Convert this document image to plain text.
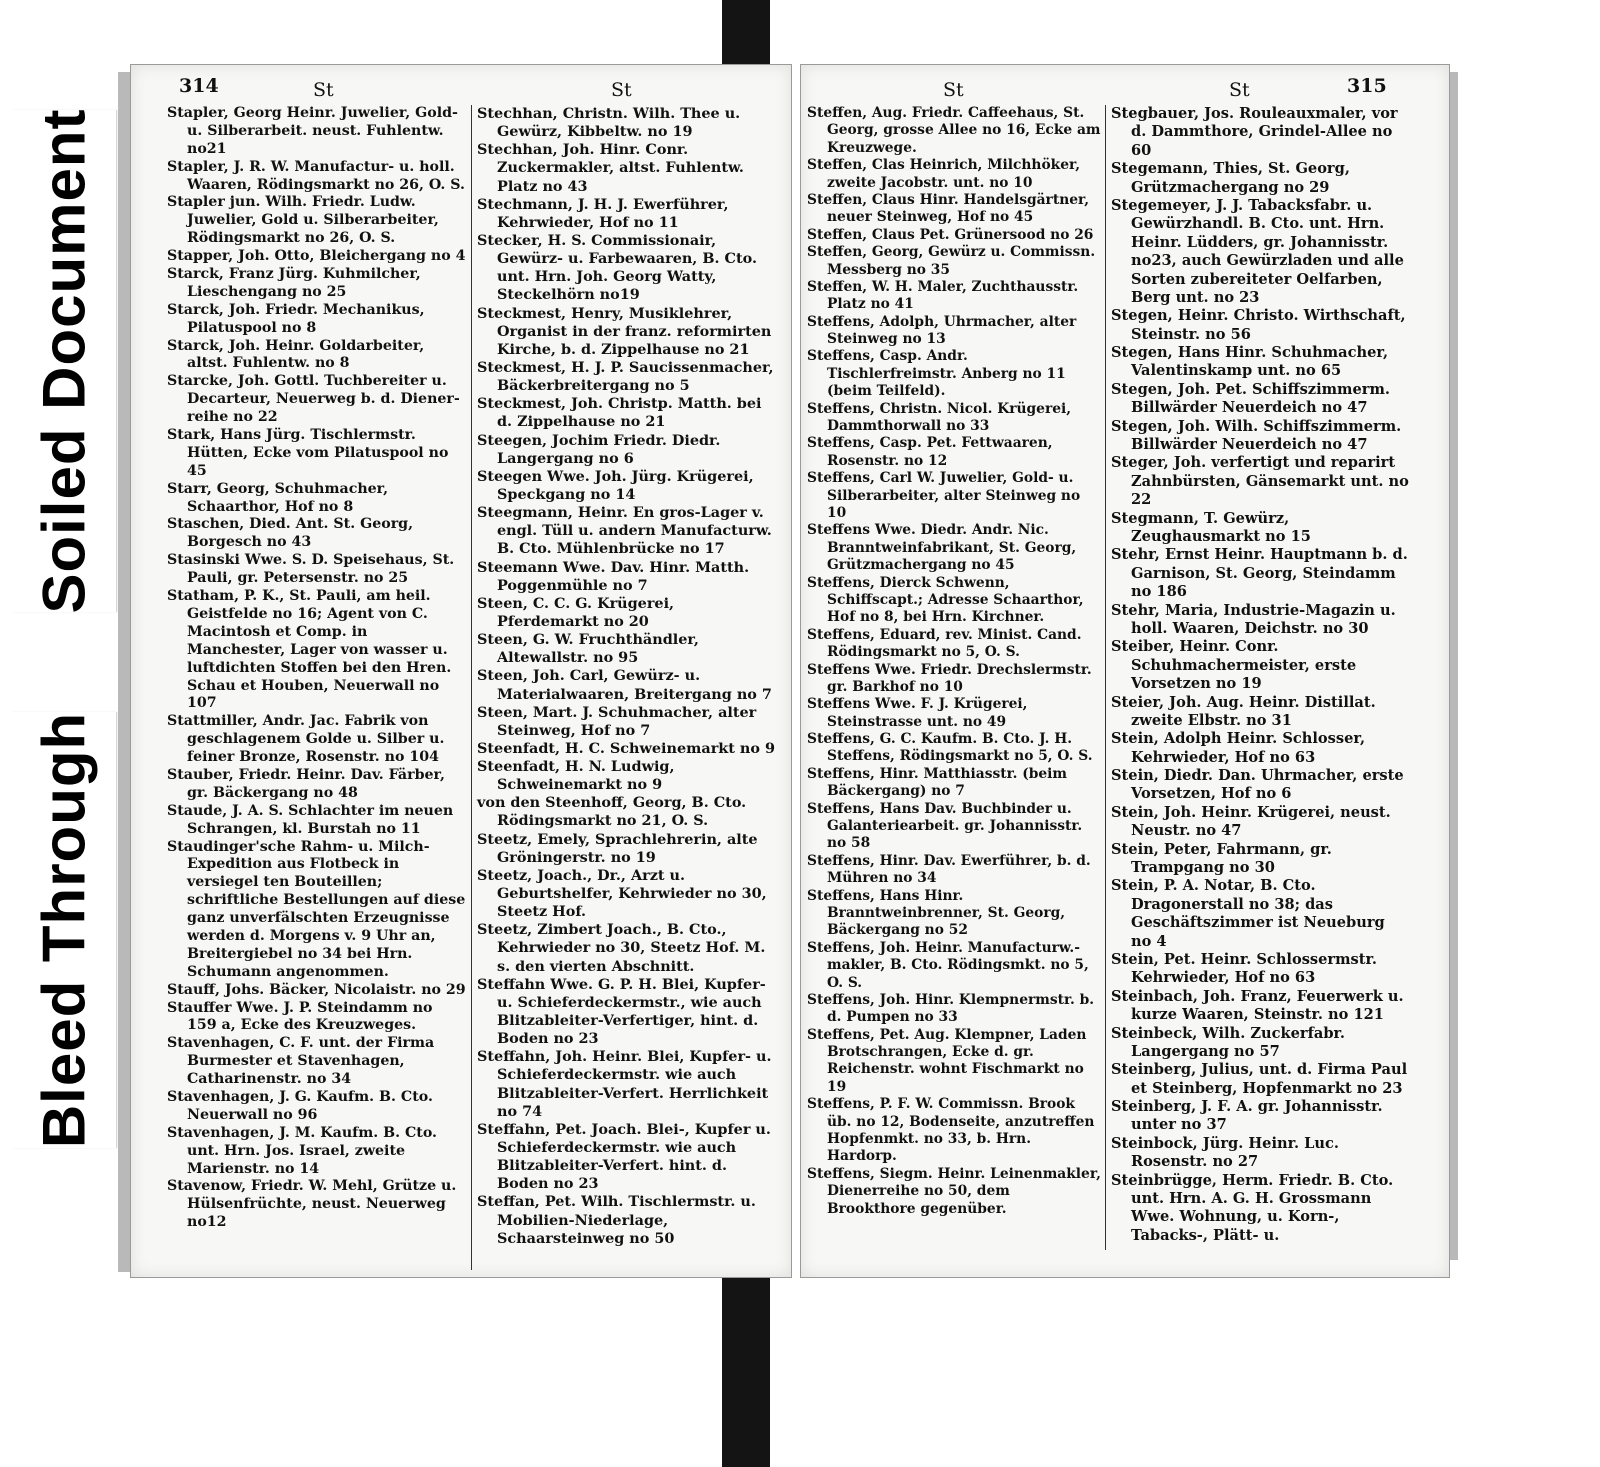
Soiled Document
Bleed Through
314	St	St

Stapler, Georg Heinr. Juwelier, Gold- u. Silberarbeit. neust. Fuhlentw. no21

Stapler, J. R. W. Manufactur- u. holl. Waaren, Rödingsmarkt no 26, O. S.

Stapler jun. Wilh. Friedr. Ludw. Juwelier, Gold u. Silberarbeiter, Rödingsmarkt no 26, O. S.

Stapper, Joh. Otto, Bleichergang no 4

Starck, Franz Jürg. Kuhmilcher, Lieschengang no 25

Starck, Joh. Friedr. Mechanikus, Pilatuspool no 8

Starck, Joh. Heinr. Goldarbeiter, altst. Fuhlentw. no 8

Starcke, Joh. Gottl. Tuchbereiter u. Decarteur, Neuerweg b. d. Diener-reihe no 22

Stark, Hans Jürg. Tischlermstr. Hütten, Ecke vom Pilatuspool no 45

Starr, Georg, Schuhmacher, Schaarthor, Hof no 8

Staschen, Died. Ant. St. Georg, Borgesch no 43

Stasinski Wwe. S. D. Speisehaus, St. Pauli, gr. Petersenstr. no 25

Statham, P. K., St. Pauli, am heil. Geistfelde no 16; Agent von C. Macintosh et Comp. in Manchester, Lager von wasser u. luftdichten Stoffen bei den Hren. Schau et Houben, Neuerwall no 107

Stattmiller, Andr. Jac. Fabrik von geschlagenem Golde u. Silber u. feiner Bronze, Rosenstr. no 104

Stauber, Friedr. Heinr. Dav. Färber, gr. Bäckergang no 48

Staude, J. A. S. Schlachter im neuen Schrangen, kl. Burstah no 11

Staudinger'sche Rahm- u. Milch-Expedition aus Flotbeck in versiegel ten Bouteillen; schriftliche Bestellungen auf diese ganz unverfälschten Erzeugnisse werden d. Morgens v. 9 Uhr an, Breitergiebel no 34 bei Hrn. Schumann angenommen.

Stauff, Johs. Bäcker, Nicolaistr. no 29

Stauffer Wwe. J. P. Steindamm no 159 a, Ecke des Kreuzweges.

Stavenhagen, C. F. unt. der Firma Burmester et Stavenhagen, Catharinenstr. no 34

Stavenhagen, J. G. Kaufm. B. Cto. Neuerwall no 96

Stavenhagen, J. M. Kaufm. B. Cto. unt. Hrn. Jos. Israel, zweite Marienstr. no 14

Stavenow, Friedr. W. Mehl, Grütze u. Hülsenfrüchte, neust. Neuerweg no12

Stechhan, Christn. Wilh. Thee u. Gewürz, Kibbeltw. no 19

Stechhan, Joh. Hinr. Conr. Zuckermakler, altst. Fuhlentw. Platz no 43

Stechmann, J. H. J. Ewerführer, Kehrwieder, Hof no 11

Stecker, H. S. Commissionair, Gewürz- u. Farbewaaren, B. Cto. unt. Hrn. Joh. Georg Watty, Steckelhörn no19

Steckmest, Henry, Musiklehrer, Organist in der franz. reformirten Kirche, b. d. Zippelhause no 21

Steckmest, H. J. P. Saucissenmacher, Bäckerbreitergang no 5

Steckmest, Joh. Christp. Matth. bei d. Zippelhause no 21

Steegen, Jochim Friedr. Diedr. Langergang no 6

Steegen Wwe. Joh. Jürg. Krügerei, Speckgang no 14

Steegmann, Heinr. En gros-Lager v. engl. Tüll u. andern Manufacturw. B. Cto. Mühlenbrücke no 17

Steemann Wwe. Dav. Hinr. Matth. Poggenmühle no 7

Steen, C. C. G. Krügerei, Pferdemarkt no 20

Steen, G. W. Fruchthändler, Altewallstr. no 95

Steen, Joh. Carl, Gewürz- u. Materialwaaren, Breitergang no 7

Steen, Mart. J. Schuhmacher, alter Steinweg, Hof no 7

Steenfadt, H. C. Schweinemarkt no 9

Steenfadt, H. N. Ludwig, Schweinemarkt no 9

von den Steenhoff, Georg, B. Cto. Rödingsmarkt no 21, O. S.

Steetz, Emely, Sprachlehrerin, alte Gröningerstr. no 19

Steetz, Joach., Dr., Arzt u. Geburtshelfer, Kehrwieder no 30, Steetz Hof.

Steetz, Zimbert Joach., B. Cto., Kehrwieder no 30, Steetz Hof. M. s. den vierten Abschnitt.

Steffahn Wwe. G. P. H. Blei, Kupfer- u. Schieferdeckermstr., wie auch Blitzableiter-Verfertiger, hint. d. Boden no 23

Steffahn, Joh. Heinr. Blei, Kupfer- u. Schieferdeckermstr. wie auch Blitzableiter-Verfert. Herrlichkeit no 74

Steffahn, Pet. Joach. Blei-, Kupfer u. Schieferdeckermstr. wie auch Blitzableiter-Verfert. hint. d. Boden no 23

Steffan, Pet. Wilh. Tischlermstr. u. Mobilien-Niederlage, Schaarsteinweg no 50

St	St	315

Steffen, Aug. Friedr. Caffeehaus, St. Georg, grosse Allee no 16, Ecke am Kreuzwege.

Steffen, Clas Heinrich, Milchhöker, zweite Jacobstr. unt. no 10

Steffen, Claus Hinr. Handelsgärtner, neuer Steinweg, Hof no 45

Steffen, Claus Pet. Grünersood no 26

Steffen, Georg, Gewürz u. Commissn. Messberg no 35

Steffen, W. H. Maler, Zuchthausstr. Platz no 41

Steffens, Adolph, Uhrmacher, alter Steinweg no 13

Steffens, Casp. Andr. Tischlerfreimstr. Anberg no 11 (beim Teilfeld).

Steffens, Christn. Nicol. Krügerei, Dammthorwall no 33

Steffens, Casp. Pet. Fettwaaren, Rosenstr. no 12

Steffens, Carl W. Juwelier, Gold- u. Silberarbeiter, alter Steinweg no 10

Steffens Wwe. Diedr. Andr. Nic. Branntweinfabrikant, St. Georg, Grützmachergang no 45

Steffens, Dierck Schwenn, Schiffscapt.; Adresse Schaarthor, Hof no 8, bei Hrn. Kirchner.

Steffens, Eduard, rev. Minist. Cand. Rödingsmarkt no 5, O. S.

Steffens Wwe. Friedr. Drechslermstr. gr. Barkhof no 10

Steffens Wwe. F. J. Krügerei, Steinstrasse unt. no 49

Steffens, G. C. Kaufm. B. Cto. J. H. Steffens, Rödingsmarkt no 5, O. S.

Steffens, Hinr. Matthiasstr. (beim Bäckergang) no 7

Steffens, Hans Dav. Buchbinder u. Galanteriearbeit. gr. Johannisstr. no 58

Steffens, Hinr. Dav. Ewerführer, b. d. Mühren no 34

Steffens, Hans Hinr. Branntweinbrenner, St. Georg, Bäckergang no 52

Steffens, Joh. Heinr. Manufacturw.-makler, B. Cto. Rödingsmkt. no 5, O. S.

Steffens, Joh. Hinr. Klempnermstr. b. d. Pumpen no 33

Steffens, Pet. Aug. Klempner, Laden Brotschrangen, Ecke d. gr. Reichenstr. wohnt Fischmarkt no 19

Steffens, P. F. W. Commissn. Brook üb. no 12, Bodenseite, anzutreffen Hopfenmkt. no 33, b. Hrn. Hardorp.

Steffens, Siegm. Heinr. Leinenmakler, Dienerreihe no 50, dem Brookthore gegenüber.

Stegbauer, Jos. Rouleauxmaler, vor d. Dammthore, Grindel-Allee no 60

Stegemann, Thies, St. Georg, Grützmachergang no 29

Stegemeyer, J. J. Tabacksfabr. u. Gewürzhandl. B. Cto. unt. Hrn. Heinr. Lüdders, gr. Johannisstr. no23, auch Gewürzladen und alle Sorten zubereiteter Oelfarben, Berg unt. no 23

Stegen, Heinr. Christo. Wirthschaft, Steinstr. no 56

Stegen, Hans Hinr. Schuhmacher, Valentinskamp unt. no 65

Stegen, Joh. Pet. Schiffszimmerm. Billwärder Neuerdeich no 47

Stegen, Joh. Wilh. Schiffszimmerm. Billwärder Neuerdeich no 47

Steger, Joh. verfertigt und reparirt Zahnbürsten, Gänsemarkt unt. no 22

Stegmann, T. Gewürz, Zeughausmarkt no 15

Stehr, Ernst Heinr. Hauptmann b. d. Garnison, St. Georg, Steindamm no 186

Stehr, Maria, Industrie-Magazin u. holl. Waaren, Deichstr. no 30

Steiber, Heinr. Conr. Schuhmachermeister, erste Vorsetzen no 19

Steier, Joh. Aug. Heinr. Distillat. zweite Elbstr. no 31

Stein, Adolph Heinr. Schlosser, Kehrwieder, Hof no 63

Stein, Diedr. Dan. Uhrmacher, erste Vorsetzen, Hof no 6

Stein, Joh. Heinr. Krügerei, neust. Neustr. no 47

Stein, Peter, Fahrmann, gr. Trampgang no 30

Stein, P. A. Notar, B. Cto. Dragonerstall no 38; das Geschäftszimmer ist Neueburg no 4

Stein, Pet. Heinr. Schlossermstr. Kehrwieder, Hof no 63

Steinbach, Joh. Franz, Feuerwerk u. kurze Waaren, Steinstr. no 121

Steinbeck, Wilh. Zuckerfabr. Langergang no 57

Steinberg, Julius, unt. d. Firma Paul et Steinberg, Hopfenmarkt no 23

Steinberg, J. F. A. gr. Johannisstr. unter no 37

Steinbock, Jürg. Heinr. Luc. Rosenstr. no 27

Steinbrügge, Herm. Friedr. B. Cto. unt. Hrn. A. G. H. Grossmann Wwe. Wohnung, u. Korn-, Tabacks-, Plätt- u.
